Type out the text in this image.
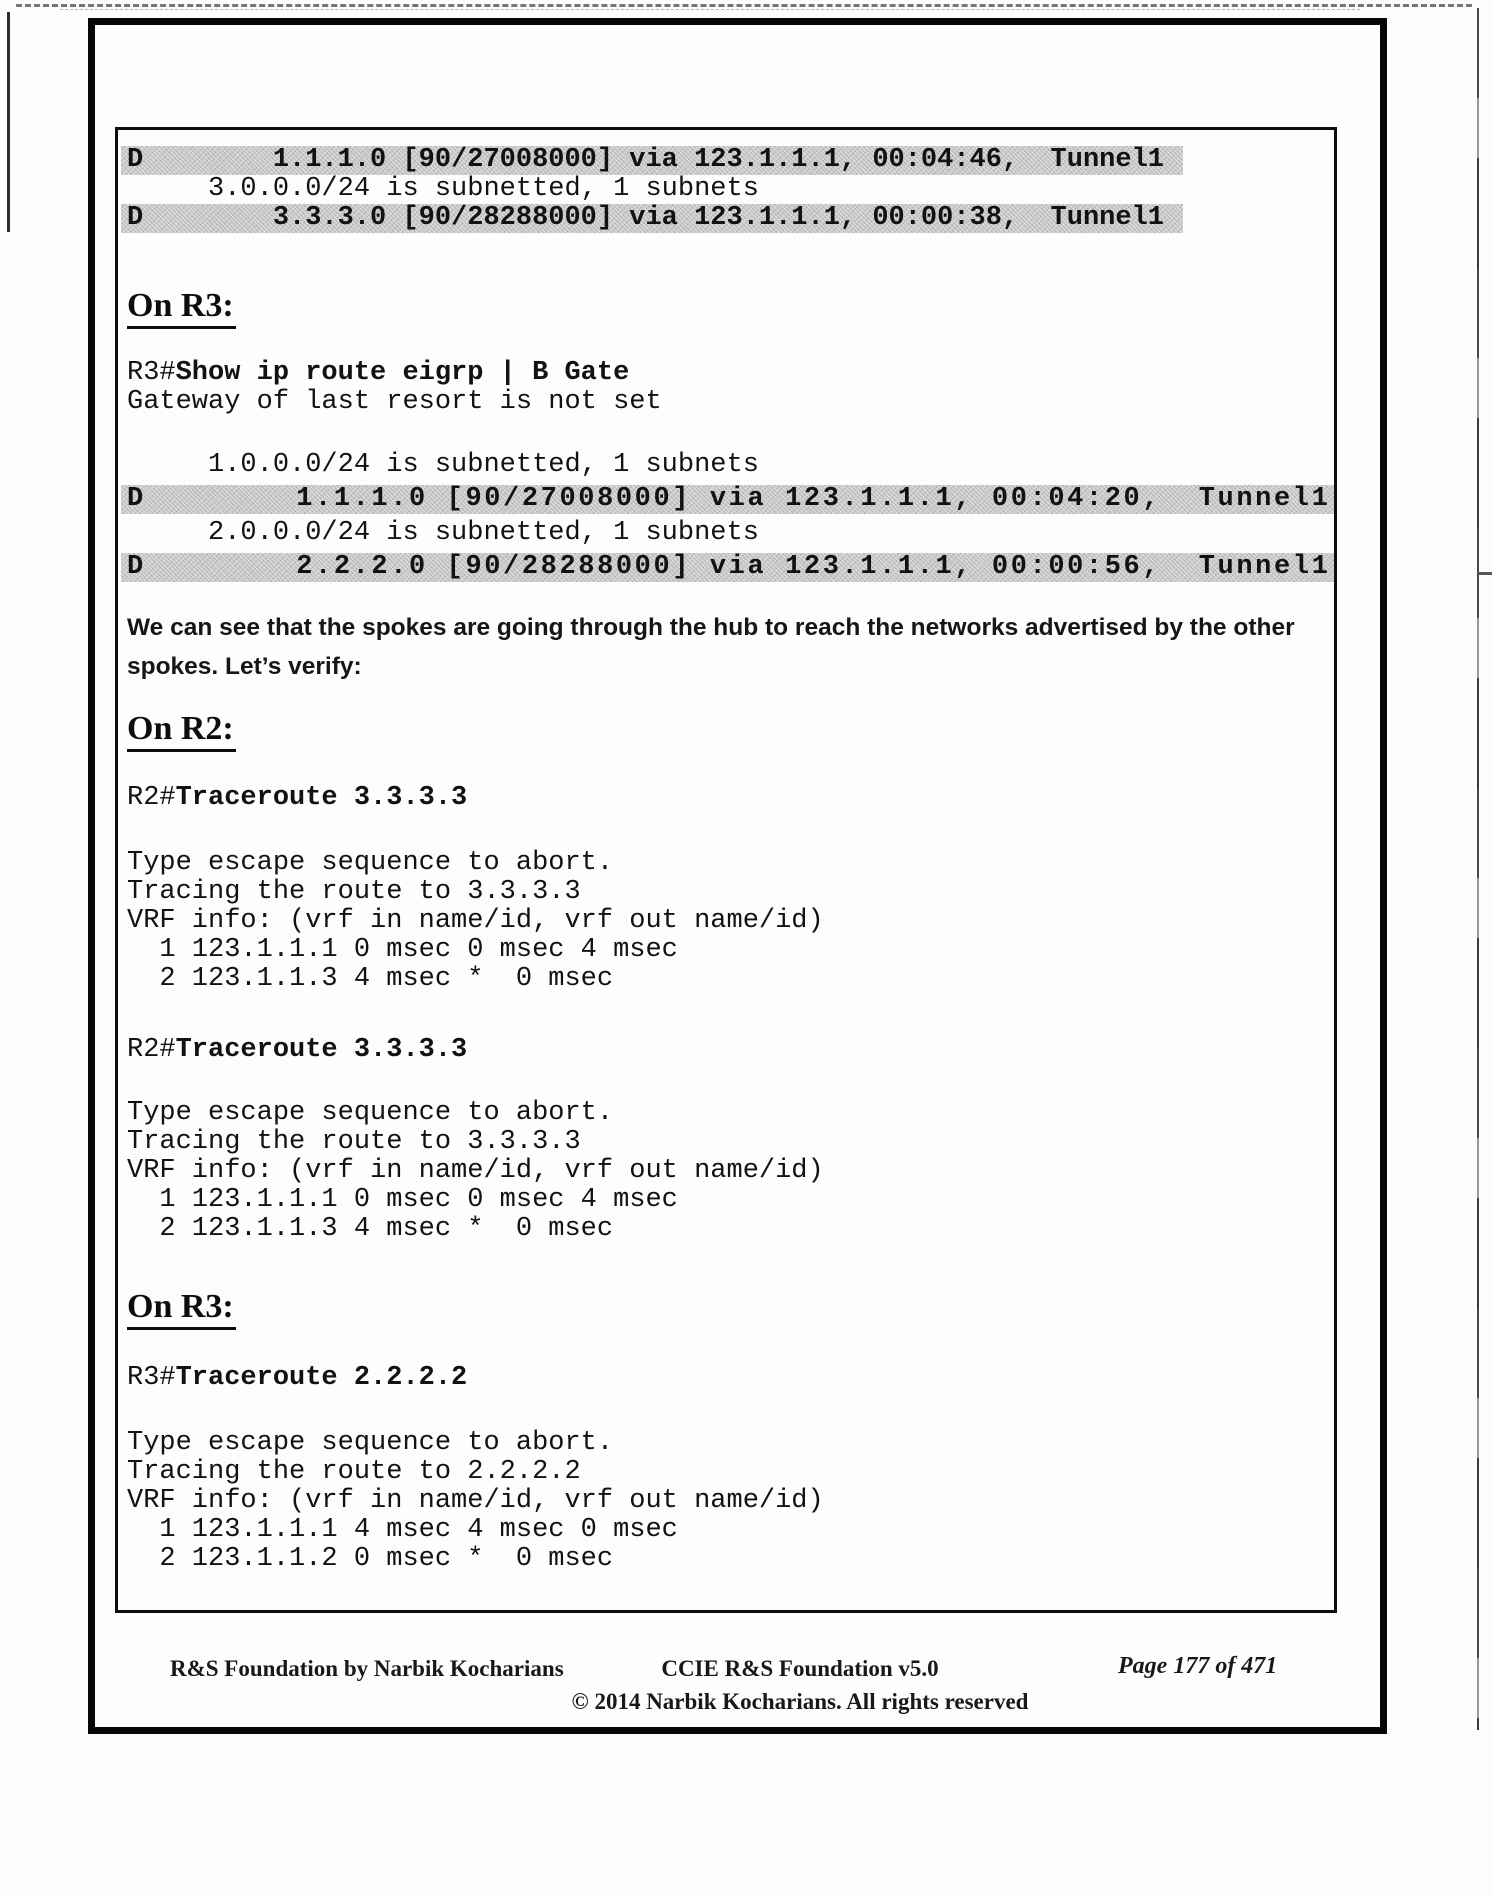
D        1.1.1.0 [90/27008000] via 123.1.1.1, 00:04:46,  Tunnel1
3.0.0.0/24 is subnetted, 1 subnets
D        3.3.3.0 [90/28288000] via 123.1.1.1, 00:00:38,  Tunnel1
On R3:
R3#Show ip route eigrp | B Gate
Gateway of last resort is not set
1.0.0.0/24 is subnetted, 1 subnets
D        1.1.1.0 [90/27008000] via 123.1.1.1, 00:04:20,  Tunnel1
2.0.0.0/24 is subnetted, 1 subnets
D        2.2.2.0 [90/28288000] via 123.1.1.1, 00:00:56,  Tunnel1
We can see that the spokes are going through the hub to reach the networks advertised by the other
spokes. Let’s verify:
On R2:
R2#Traceroute 3.3.3.3
Type escape sequence to abort.
Tracing the route to 3.3.3.3
VRF info: (vrf in name/id, vrf out name/id)
1 123.1.1.1 0 msec 0 msec 4 msec
2 123.1.1.3 4 msec *  0 msec
R2#Traceroute 3.3.3.3
Type escape sequence to abort.
Tracing the route to 3.3.3.3
VRF info: (vrf in name/id, vrf out name/id)
1 123.1.1.1 0 msec 0 msec 4 msec
2 123.1.1.3 4 msec *  0 msec
On R3:
R3#Traceroute 2.2.2.2
Type escape sequence to abort.
Tracing the route to 2.2.2.2
VRF info: (vrf in name/id, vrf out name/id)
1 123.1.1.1 4 msec 4 msec 0 msec
2 123.1.1.2 0 msec *  0 msec
R&S Foundation by Narbik Kocharians	CCIE R&S Foundation v5.0
© 2014 Narbik Kocharians. All rights reserved
Page 177 of 471
